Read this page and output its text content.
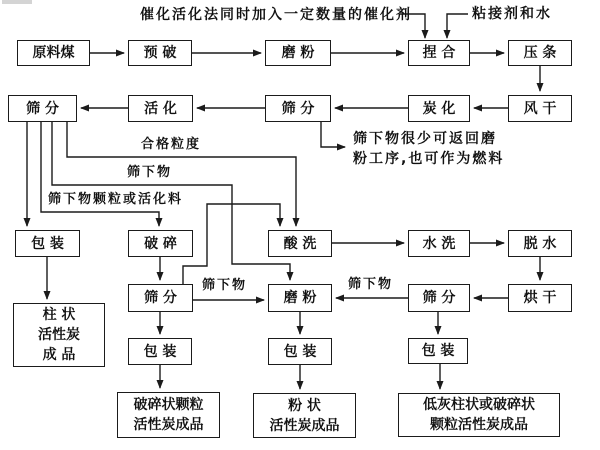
原料煤	预 破	磨 粉	捏 合	压 条
筛 分	活 化	筛 分	炭 化	风 干
包 装	破 碎	酸 洗	水 洗	脱 水
筛 分	磨 粉	筛 分	烘 干
包 装	包 装	包 装
柱 状
活性炭
成 品
破碎状颗粒
活性炭成品
粉 状
活性炭成品
低灰柱状或破碎状
颗粒活性炭成品
催化活化法同时加入一定数量的催化剂	粘接剂和水
筛下物很少可返回磨
粉工序,也可作为燃料
合格粒度
筛下物
筛下物颗粒或活化料
筛下物	筛下物
